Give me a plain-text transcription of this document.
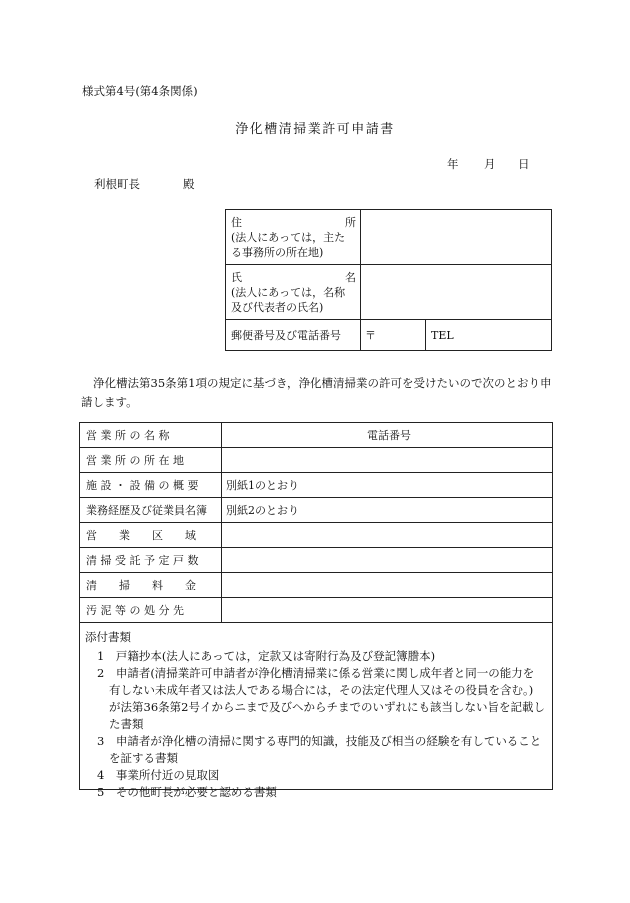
様式第4号(第4条関係)
浄化槽清掃業許可申請書
年 月 日
利根町長	殿
住 所
(法人にあっては，主たる事務所の所在地)		

氏 名
(法人にあっては，名称及び代表者の氏名)		

郵便番号及び電話番号	〒	TEL
浄化槽法第35条第1項の規定に基づき，浄化槽清掃業の許可を受けたいので次のとおり申請します。
営 業 所 の 名 称	電話番号
営 業 所 の 所 在 地	
施 設 ・ 設 備 の 概 要	別紙1のとおり
業務経歴及び従業員名簿	別紙2のとおり
営　　業　　区　　域	
清 掃 受 託 予 定 戸 数	
清　　掃　　料　　金	
汚 泥 等 の 処 分 先	
添付書類
1　戸籍抄本(法人にあっては，定款又は寄附行為及び登記簿謄本)
2　申請者(清掃業許可申請者が浄化槽清掃業に係る営業に関し成年者と同一の能力を
有しない未成年者又は法人である場合には，その法定代理人又はその役員を含む。)
が法第36条第2号イからニまで及びヘからチまでのいずれにも該当しない旨を記載し
た書類
3　申請者が浄化槽の清掃に関する専門的知識，技能及び相当の経験を有していること
を証する書類
4　事業所付近の見取図
5　その他町長が必要と認める書類
